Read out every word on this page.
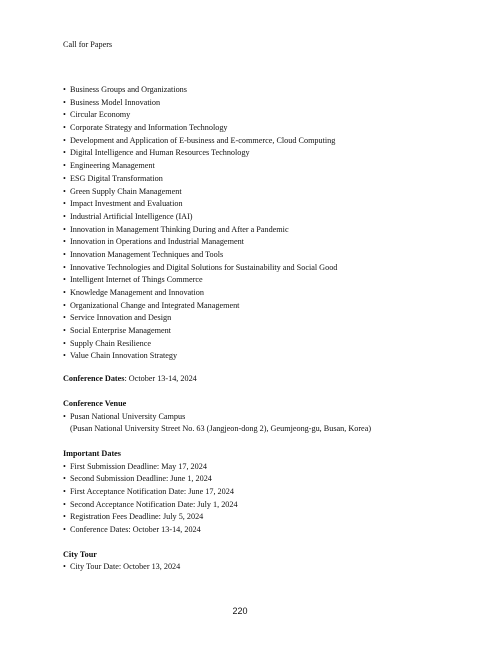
Call for Papers
• Business Groups and Organizations
• Business Model Innovation
• Circular Economy
• Corporate Strategy and Information Technology
• Development and Application of E-business and E-commerce, Cloud Computing
• Digital Intelligence and Human Resources Technology
• Engineering Management
• ESG Digital Transformation
• Green Supply Chain Management
• Impact Investment and Evaluation
• Industrial Artificial Intelligence (IAI)
• Innovation in Management Thinking During and After a Pandemic
• Innovation in Operations and Industrial Management
• Innovation Management Techniques and Tools
• Innovative Technologies and Digital Solutions for Sustainability and Social Good
• Intelligent Internet of Things Commerce
• Knowledge Management and Innovation
• Organizational Change and Integrated Management
• Service Innovation and Design
• Social Enterprise Management
• Supply Chain Resilience
• Value Chain Innovation Strategy
Conference Dates: October 13-14, 2024
Conference Venue
• Pusan National University Campus
(Pusan National University Street No. 63 (Jangjeon-dong 2), Geumjeong-gu, Busan, Korea)
Important Dates
• First Submission Deadline: May 17, 2024
• Second Submission Deadline: June 1, 2024
• First Acceptance Notification Date: June 17, 2024
• Second Acceptance Notification Date: July 1, 2024
• Registration Fees Deadline: July 5, 2024
• Conference Dates: October 13-14, 2024
City Tour
• City Tour Date: October 13, 2024
220
